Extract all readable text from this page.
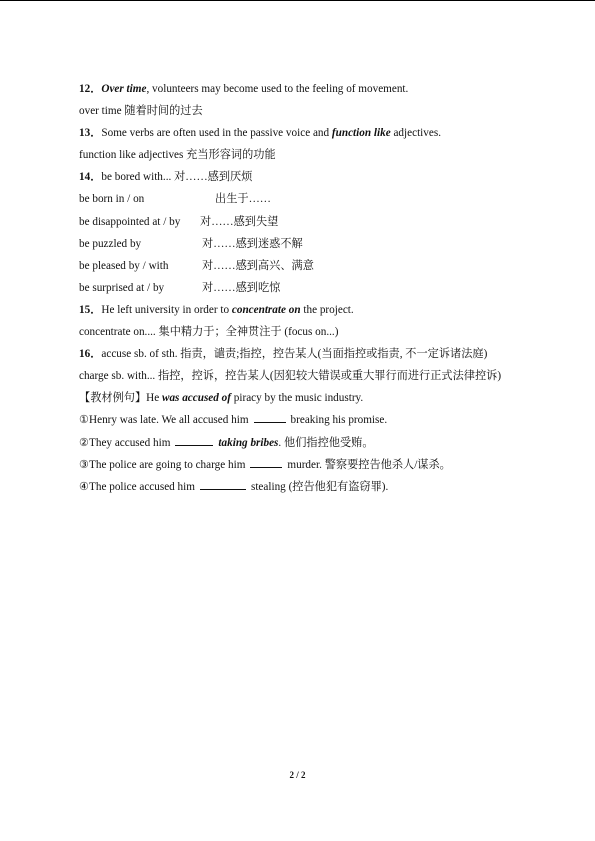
12．Over time, volunteers may become used to the feeling of movement.
over time 随着时间的过去
13．Some verbs are often used in the passive voice and function like adjectives.
function like adjectives 充当形容词的功能
14．be bored with... 对……感到厌烦
be born in / on	出生于……
be disappointed at / by 对……感到失望
be puzzled by	对……感到迷惑不解
be pleased by / with	对……感到高兴、满意
be surprised at / by	对……感到吃惊
15．He left university in order to concentrate on the project.
concentrate on.... 集中精力于；全神贯注于 (focus on...)
16．accuse sb. of sth. 指责，谴责;指控，控告某人(当面指控或指责, 不一定诉诸法庭)
charge sb. with... 指控，控诉，控告某人(因犯较大错误或重大罪行而进行正式法律控诉)
【教材例句】He was accused of piracy by the music industry.
①Henry was late. We all accused him	breaking his promise.
②They accused him	taking bribes. 他们指控他受贿。
③The police are going to charge him	murder. 警察要控告他杀人/谋杀。
④The police accused him	stealing (控告他犯有盗窃罪).
2 / 2
